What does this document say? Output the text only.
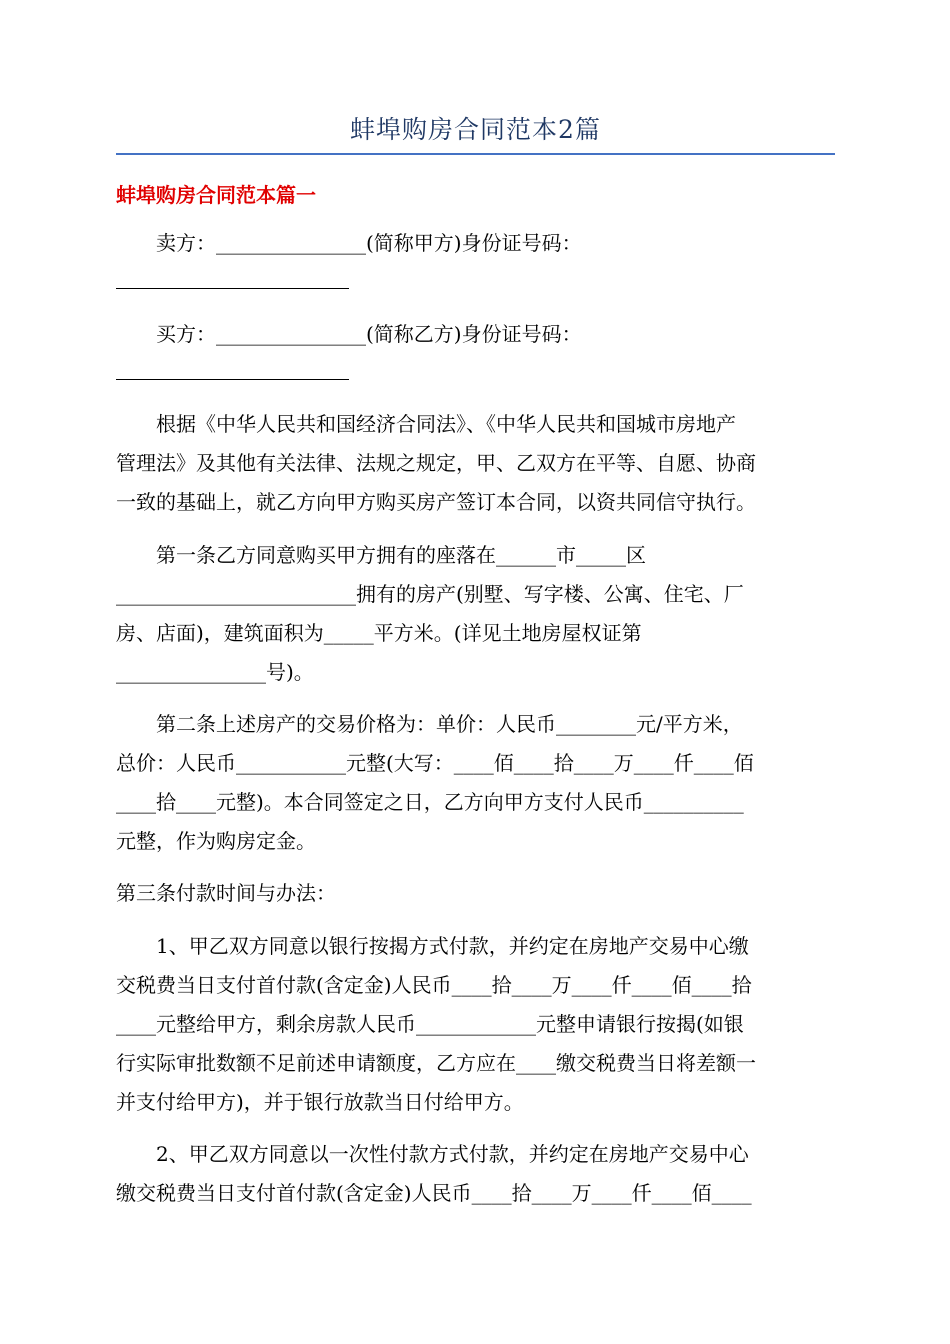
蚌埠购房合同范本2篇
蚌埠购房合同范本篇一
　　卖方：_______________(简称甲方)身份证号码：
　　买方：_______________(简称乙方)身份证号码：
　　根据《中华人民共和国经济合同法》、《中华人民共和国城市房地产
管理法》及其他有关法律、法规之规定，甲、乙双方在平等、自愿、协商
一致的基础上，就乙方向甲方购买房产签订本合同，以资共同信守执行。
　　第一条乙方同意购买甲方拥有的座落在______市_____区
________________________拥有的房产(别墅、写字楼、公寓、住宅、厂
房、店面)，建筑面积为_____平方米。(详见土地房屋权证第
_______________号)。
　　第二条上述房产的交易价格为：单价：人民币________元/平方米，
总价：人民币___________元整(大写：____佰____拾____万____仟____佰
____拾____元整)。本合同签定之日，乙方向甲方支付人民币__________
元整，作为购房定金。
第三条付款时间与办法：
　　1、甲乙双方同意以银行按揭方式付款，并约定在房地产交易中心缴
交税费当日支付首付款(含定金)人民币____拾____万____仟____佰____拾
____元整给甲方，剩余房款人民币____________元整申请银行按揭(如银
行实际审批数额不足前述申请额度，乙方应在____缴交税费当日将差额一
并支付给甲方)，并于银行放款当日付给甲方。
　　2、甲乙双方同意以一次性付款方式付款，并约定在房地产交易中心
缴交税费当日支付首付款(含定金)人民币____拾____万____仟____佰____
